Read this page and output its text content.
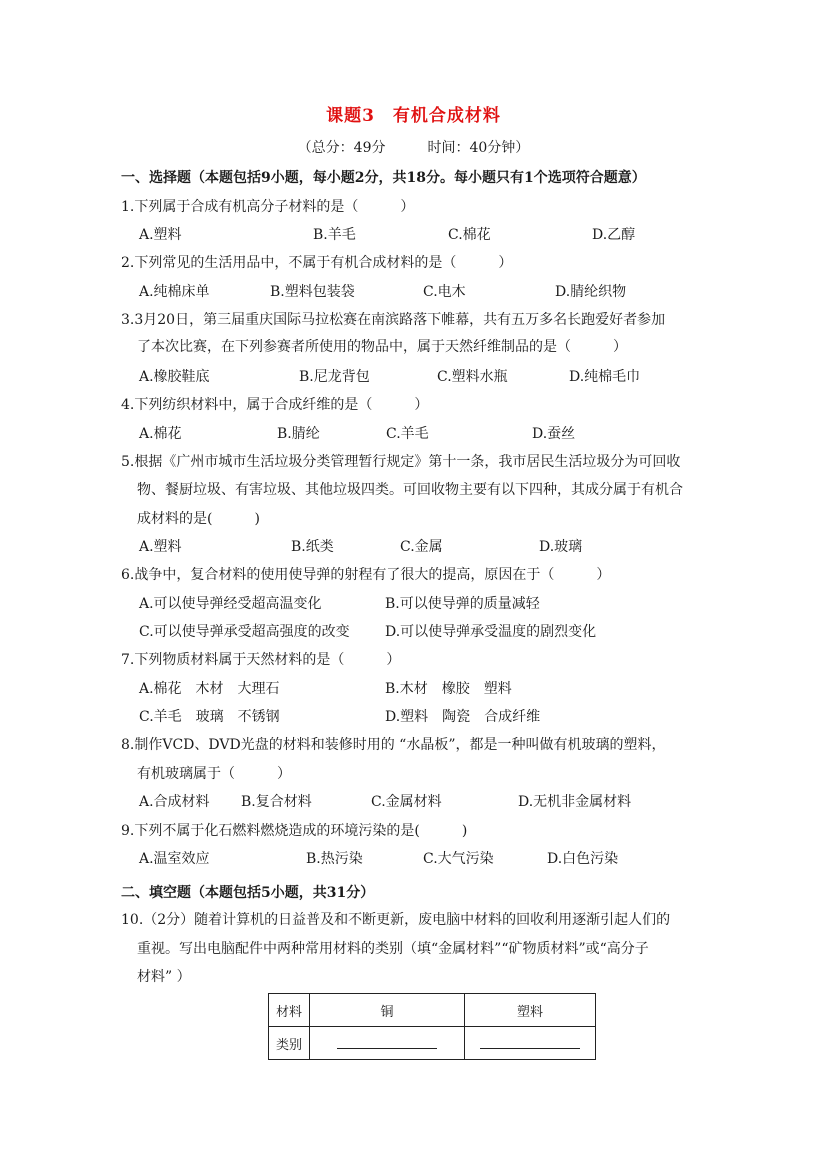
课题3　有机合成材料
（总分：49分　　　时间：40分钟）
一、选择题（本题包括9小题，每小题2分，共18分。每小题只有1个选项符合题意）
1.下列属于合成有机高分子材料的是（　　　）
A.塑料	B.羊毛	C.棉花	D.乙醇
2.下列常见的生活用品中，不属于有机合成材料的是（　　　）
A.纯棉床单	B.塑料包装袋	C.电木	D.腈纶织物
3.3月20日，第三届重庆国际马拉松赛在南滨路落下帷幕，共有五万多名长跑爱好者参加
了本次比赛，在下列参赛者所使用的物品中，属于天然纤维制品的是（　　　）
A.橡胶鞋底	B.尼龙背包	C.塑料水瓶	D.纯棉毛巾
4.下列纺织材料中，属于合成纤维的是（　　　）
A.棉花	B.腈纶	C.羊毛	D.蚕丝
5.根据《广州市城市生活垃圾分类管理暂行规定》第十一条，我市居民生活垃圾分为可回收
物、餐厨垃圾、有害垃圾、其他垃圾四类。可回收物主要有以下四种，其成分属于有机合
成材料的是(　　　)
A.塑料	B.纸类	C.金属	D.玻璃
6.战争中，复合材料的使用使导弹的射程有了很大的提高，原因在于（　　　）
A.可以使导弹经受超高温变化	B.可以使导弹的质量减轻
C.可以使导弹承受超高强度的改变	D.可以使导弹承受温度的剧烈变化
7.下列物质材料属于天然材料的是（　　　）
A.棉花　木材　大理石	B.木材　橡胶　塑料
C.羊毛　玻璃　不锈钢	D.塑料　陶瓷　合成纤维
8.制作VCD、DVD光盘的材料和装修时用的 “水晶板”，都是一种叫做有机玻璃的塑料，
有机玻璃属于（　　　）
A.合成材料 B.复合材料	C.金属材料	D.无机非金属材料
9.下列不属于化石燃料燃烧造成的环境污染的是(　　　)
A.温室效应	B.热污染	C.大气污染	D.白色污染
二、填空题（本题包括5小题，共31分）
10.（2分）随着计算机的日益普及和不断更新，废电脑中材料的回收利用逐渐引起人们的
重视。写出电脑配件中两种常用材料的类别（填“金属材料”“矿物质材料”或“高分子
材料” ）
材料	铜	塑料
类别		
